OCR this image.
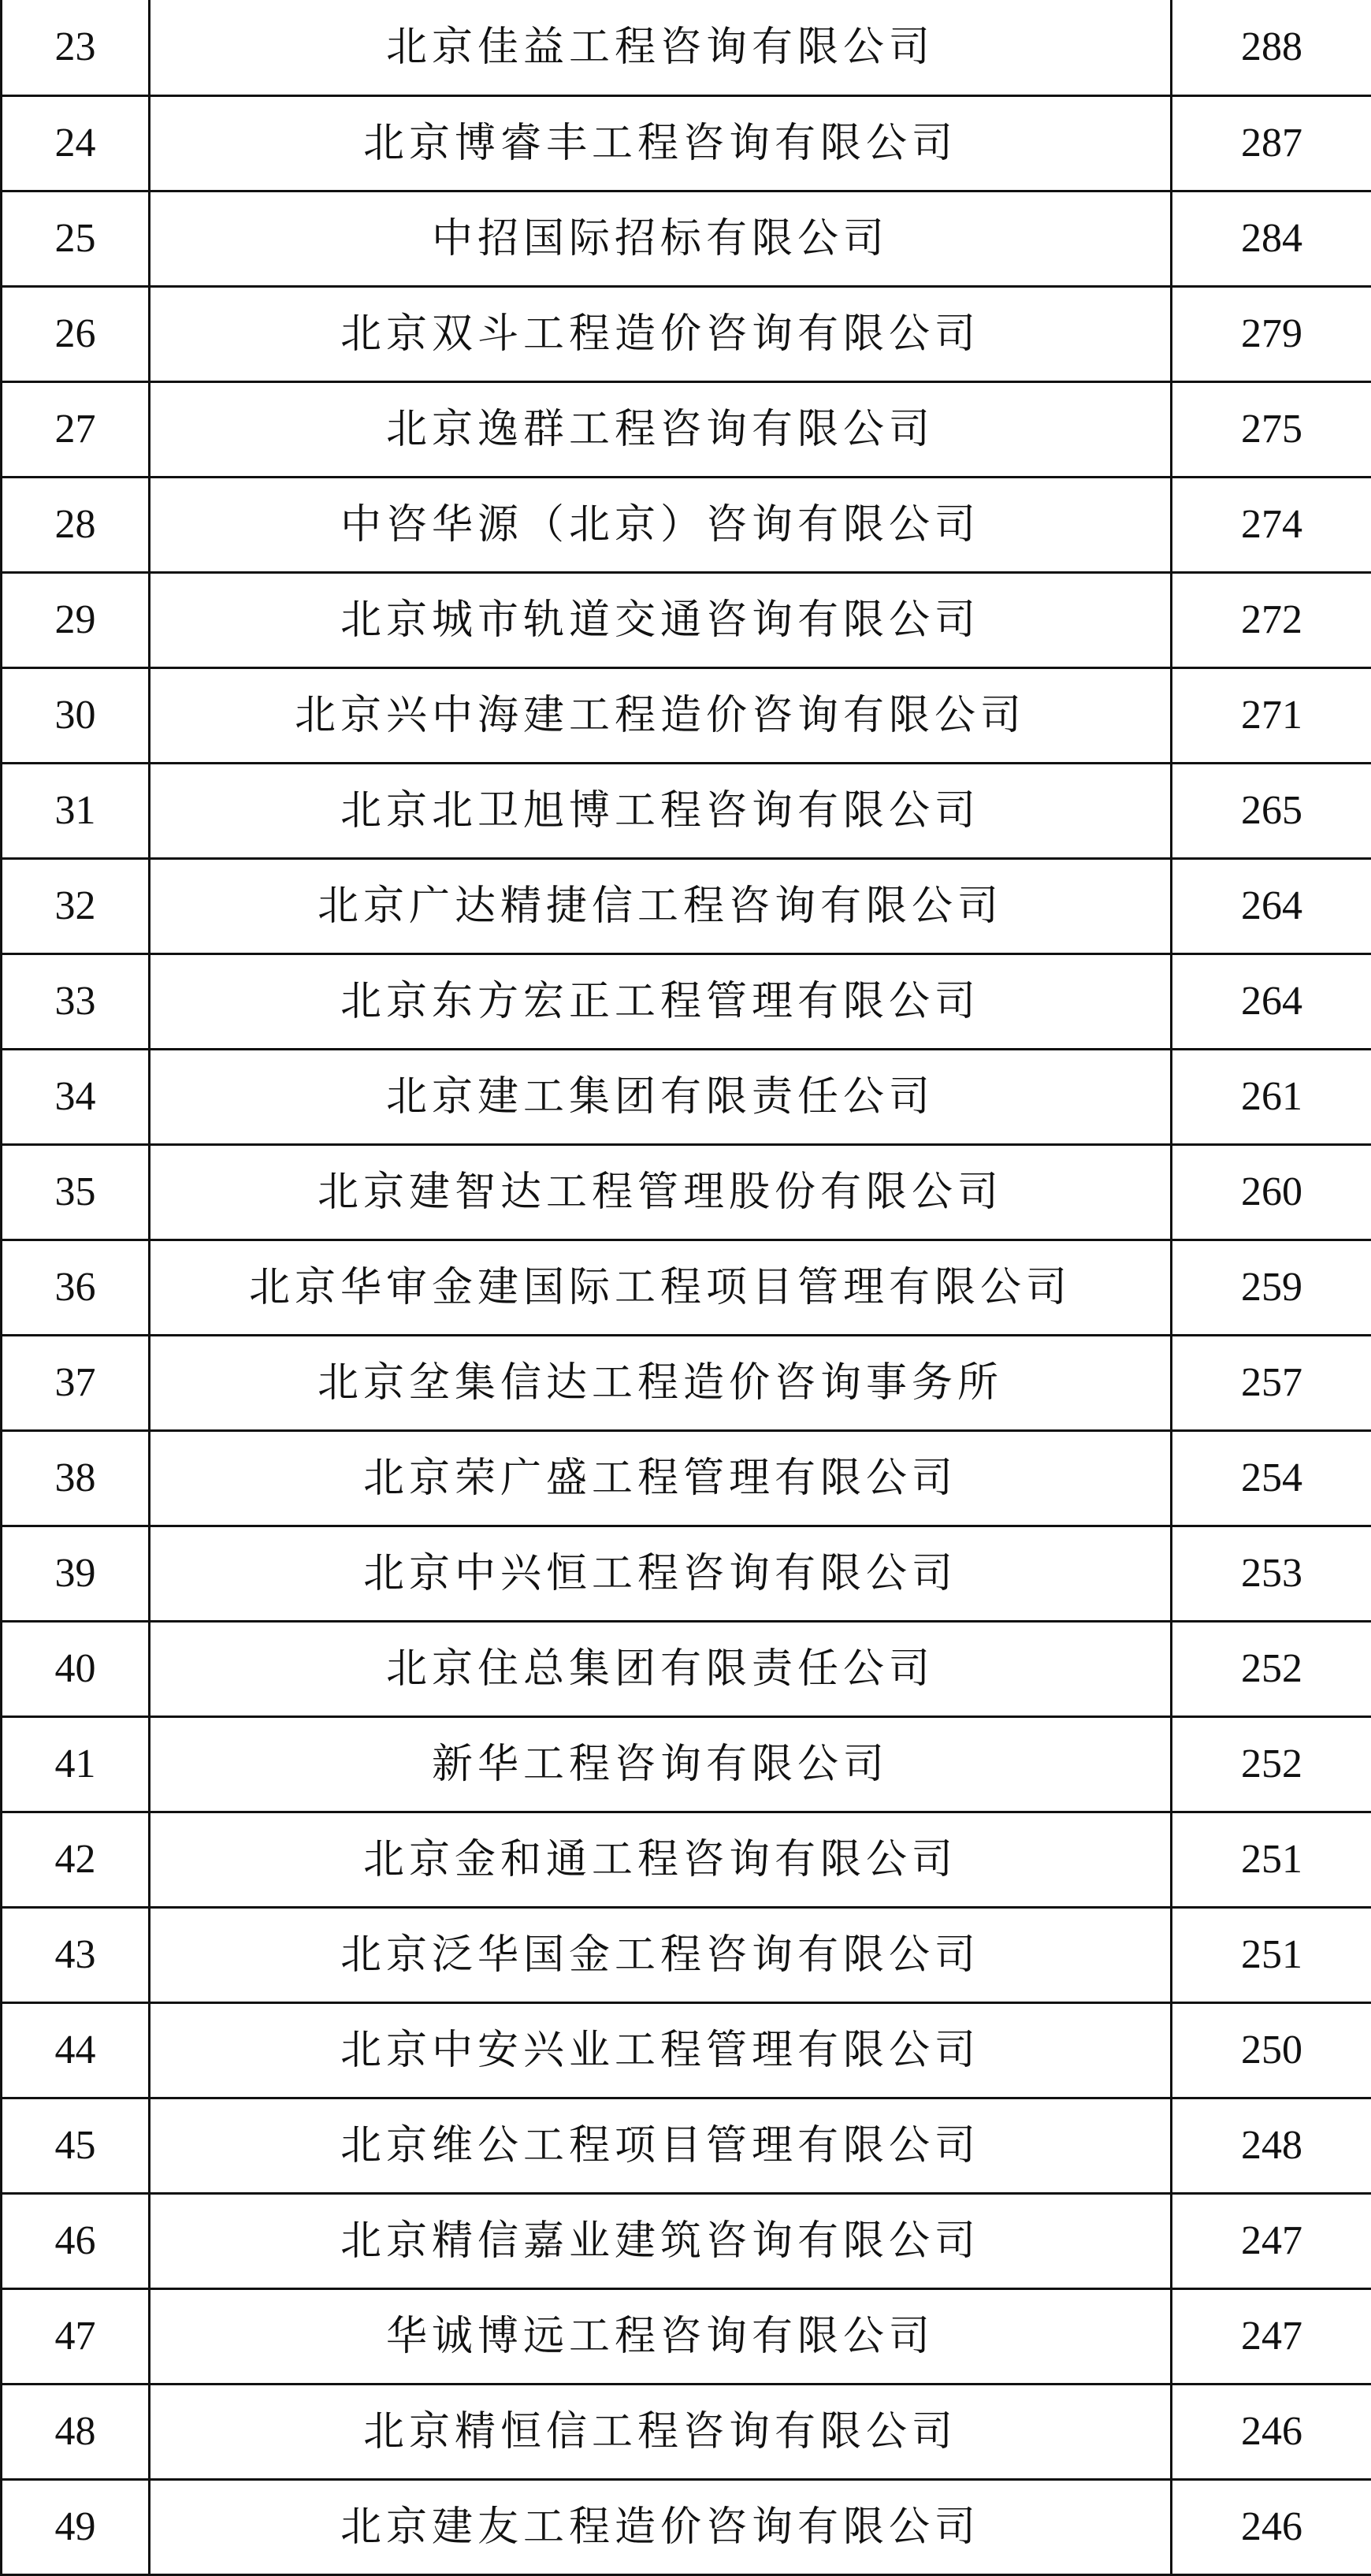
23	北京佳益工程咨询有限公司	288
24	北京博睿丰工程咨询有限公司	287
25	中招国际招标有限公司	284
26	北京双斗工程造价咨询有限公司	279
27	北京逸群工程咨询有限公司	275
28	中咨华源（北京）咨询有限公司	274
29	北京城市轨道交通咨询有限公司	272
30	北京兴中海建工程造价咨询有限公司	271
31	北京北卫旭博工程咨询有限公司	265
32	北京广达精捷信工程咨询有限公司	264
33	北京东方宏正工程管理有限公司	264
34	北京建工集团有限责任公司	261
35	北京建智达工程管理股份有限公司	260
36	北京华审金建国际工程项目管理有限公司	259
37	北京坌集信达工程造价咨询事务所	257
38	北京荣广盛工程管理有限公司	254
39	北京中兴恒工程咨询有限公司	253
40	北京住总集团有限责任公司	252
41	新华工程咨询有限公司	252
42	北京金和通工程咨询有限公司	251
43	北京泛华国金工程咨询有限公司	251
44	北京中安兴业工程管理有限公司	250
45	北京维公工程项目管理有限公司	248
46	北京精信嘉业建筑咨询有限公司	247
47	华诚博远工程咨询有限公司	247
48	北京精恒信工程咨询有限公司	246
49	北京建友工程造价咨询有限公司	246
